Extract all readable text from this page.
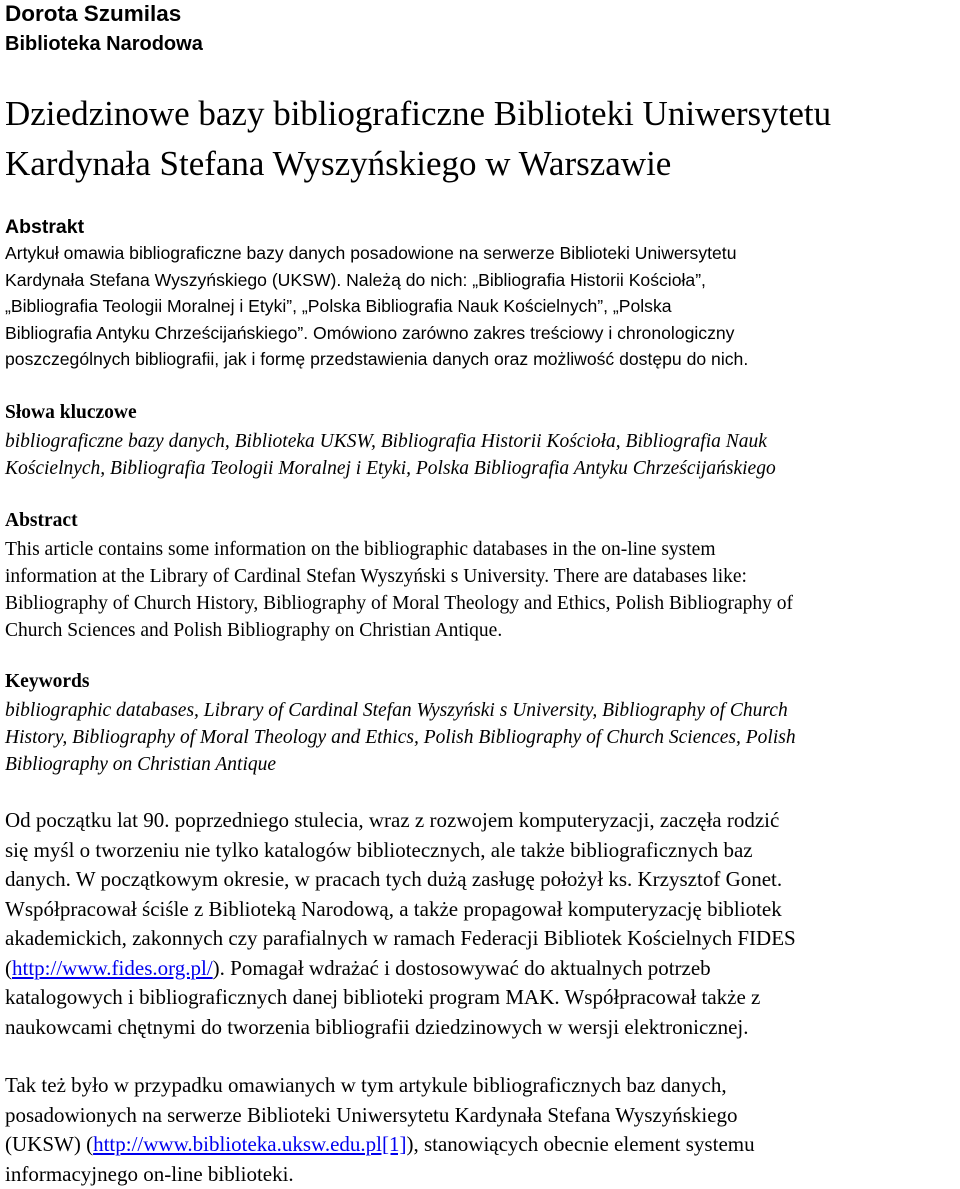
Dorota Szumilas
Biblioteka Narodowa
Dziedzinowe bazy bibliograficzne Biblioteki Uniwersytetu
Kardynała Stefana Wyszyńskiego w Warszawie
Abstrakt
Artykuł omawia bibliograficzne bazy danych posadowione na serwerze Biblioteki Uniwersytetu
Kardynała Stefana Wyszyńskiego (UKSW). Należą do nich: „Bibliografia Historii Kościoła”,
„Bibliografia Teologii Moralnej i Etyki”, „Polska Bibliografia Nauk Kościelnych”, „Polska
Bibliografia Antyku Chrześcijańskiego”. Omówiono zarówno zakres treściowy i chronologiczny
poszczególnych bibliografii, jak i formę przedstawienia danych oraz możliwość dostępu do nich.
Słowa kluczowe
bibliograficzne bazy danych, Biblioteka UKSW, Bibliografia Historii Kościoła, Bibliografia Nauk
Kościelnych, Bibliografia Teologii Moralnej i Etyki, Polska Bibliografia Antyku Chrześcijańskiego
Abstract
This article contains some information on the bibliographic databases in the on-line system
information at the Library of Cardinal Stefan Wyszyński s University. There are databases like:
Bibliography of Church History, Bibliography of Moral Theology and Ethics, Polish Bibliography of
Church Sciences and Polish Bibliography on Christian Antique.
Keywords
bibliographic databases, Library of Cardinal Stefan Wyszyński s University, Bibliography of Church
History, Bibliography of Moral Theology and Ethics, Polish Bibliography of Church Sciences, Polish
Bibliography on Christian Antique
Od początku lat 90. poprzedniego stulecia, wraz z rozwojem komputeryzacji, zaczęła rodzić
się myśl o tworzeniu nie tylko katalogów bibliotecznych, ale także bibliograficznych baz
danych. W początkowym okresie, w pracach tych dużą zasługę położył ks. Krzysztof Gonet.
Współpracował ściśle z Biblioteką Narodową, a także propagował komputeryzację bibliotek
akademickich, zakonnych czy parafialnych w ramach Federacji Bibliotek Kościelnych FIDES
(http://www.fides.org.pl/). Pomagał wdrażać i dostosowywać do aktualnych potrzeb
katalogowych i bibliograficznych danej biblioteki program MAK. Współpracował także z
naukowcami chętnymi do tworzenia bibliografii dziedzinowych w wersji elektronicznej.
Tak też było w przypadku omawianych w tym artykule bibliograficznych baz danych,
posadowionych na serwerze Biblioteki Uniwersytetu Kardynała Stefana Wyszyńskiego
(UKSW) (http://www.biblioteka.uksw.edu.pl[1]), stanowiących obecnie element systemu
informacyjnego on-line biblioteki.
